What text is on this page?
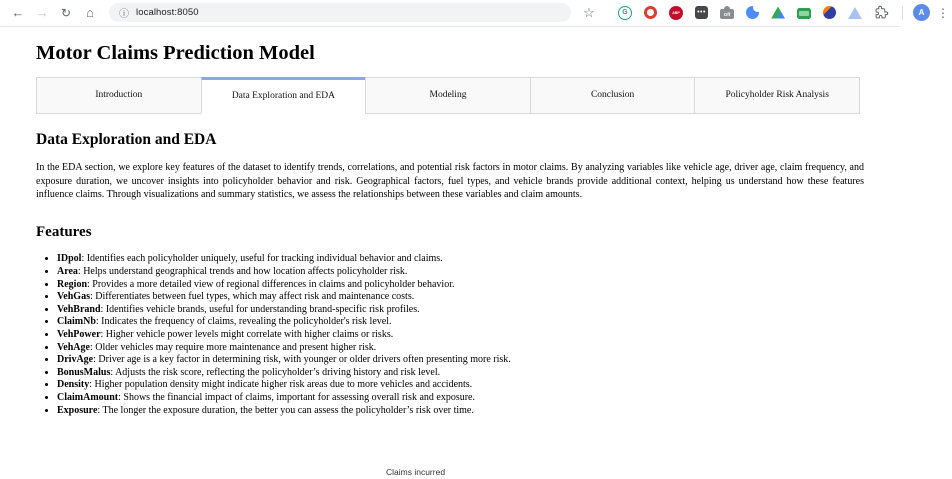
← →	↻	⌂	ⓘ localhost:8050	☆	G	ABP	•••	Off	A	⋮
Motor Claims Prediction Model
Introduction	Data Exploration and EDA	Modeling	Conclusion	Policyholder Risk Analysis
Data Exploration and EDA

In the EDA section, we explore key features of the dataset to identify trends, correlations, and potential risk factors in motor claims. By analyzing variables like vehicle age, driver age, claim frequency, and exposure duration, we uncover insights into policyholder behavior and risk. Geographical factors, fuel types, and vehicle brands provide additional context, helping us understand how these features influence claims. Through visualizations and summary statistics, we assess the relationships between these variables and claim amounts.

Features
• IDpol: Identifies each policyholder uniquely, useful for tracking individual behavior and claims.
• Area: Helps understand geographical trends and how location affects policyholder risk.
• Region: Provides a more detailed view of regional differences in claims and policyholder behavior.
• VehGas: Differentiates between fuel types, which may affect risk and maintenance costs.
• VehBrand: Identifies vehicle brands, useful for understanding brand-specific risk profiles.
• ClaimNb: Indicates the frequency of claims, revealing the policyholder's risk level.
• VehPower: Higher vehicle power levels might correlate with higher claims or risks.
• VehAge: Older vehicles may require more maintenance and present higher risk.
• DrivAge: Driver age is a key factor in determining risk, with younger or older drivers often presenting more risk.
• BonusMalus: Adjusts the risk score, reflecting the policyholder’s driving history and risk level.
• Density: Higher population density might indicate higher risk areas due to more vehicles and accidents.
• ClaimAmount: Shows the financial impact of claims, important for assessing overall risk and exposure.
• Exposure: The longer the exposure duration, the better you can assess the policyholder’s risk over time.
Claims incurred
